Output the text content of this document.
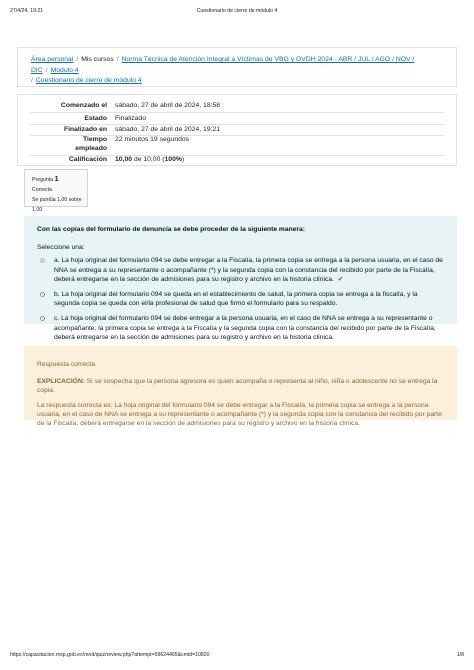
27/4/24, 19:21	Cuestionario de cierre de módulo 4
Área personal / Mis cursos / Norma Técnica de Atención Integral a Víctimas de VBG y GVDH 2024 - ABR / JUL / AGO / NOV / DIC / Módulo 4
/ Cuestionario de cierre de módulo 4
Comenzado el sábado, 27 de abril de 2024, 18:58
Estado Finalizado
Finalizado en sábado, 27 de abril de 2024, 19:21
Tiempo
empleado
22 minutos 19 segundos
Calificación 10,00 de 10,00 (100%)
Pregunta 1
Correcta
Se puntúa 1,00 sobre 1,00
Con las copias del formulario de denuncia se debe proceder de la siguiente manera:
Seleccione una:
a. La hoja original del formulario 094 se debe entregar a la Fiscalía, la primera copia se entrega a la persona usuaria, en el caso de NNA se entrega a su representante o acompañante (*) y la segunda copia con la constancia del recibido por parte de la Fiscalía, deberá entregarse en la sección de admisiones para su registro y archivo en la historia clínica. ✔
b. La hoja original del formulario 094 se queda en el establecimiento de salud, la primera copia se entrega a la fiscalía, y la segunda copia se queda con el/la profesional de salud que firmó el formulario para su respaldo.
c. La hoja original del formulario 094 se debe entregar a la persona usuaria, en el caso de NNA se entrega a su representante o acompañante; la primera copia se entrega a la Fiscalía y la segunda copia con la constancia del recibido por parte de la Fiscalía, deberá entregarse en la sección de admisiones para su registro y archivo en la historia clínica.
Respuesta correcta
EXPLICACIÓN: Si se sospecha que la persona agresora es quien acompaña o representa al niño, niña o adolescente no se entrega la copia.
La respuesta correcta es: La hoja original del formulario 094 se debe entregar a la Fiscalía, la primera copia se entrega a la persona usuaria, en el caso de NNA se entrega a su representante o acompañante (*) y la segunda copia con la constancia del recibido por parte de la Fiscalía, deberá entregarse en la sección de admisiones para su registro y archivo en la historia clínica.
https://capacitacion.msp.gob.ec/mod/quiz/review.php?attempt=59624465&cmid=10820	1/8
